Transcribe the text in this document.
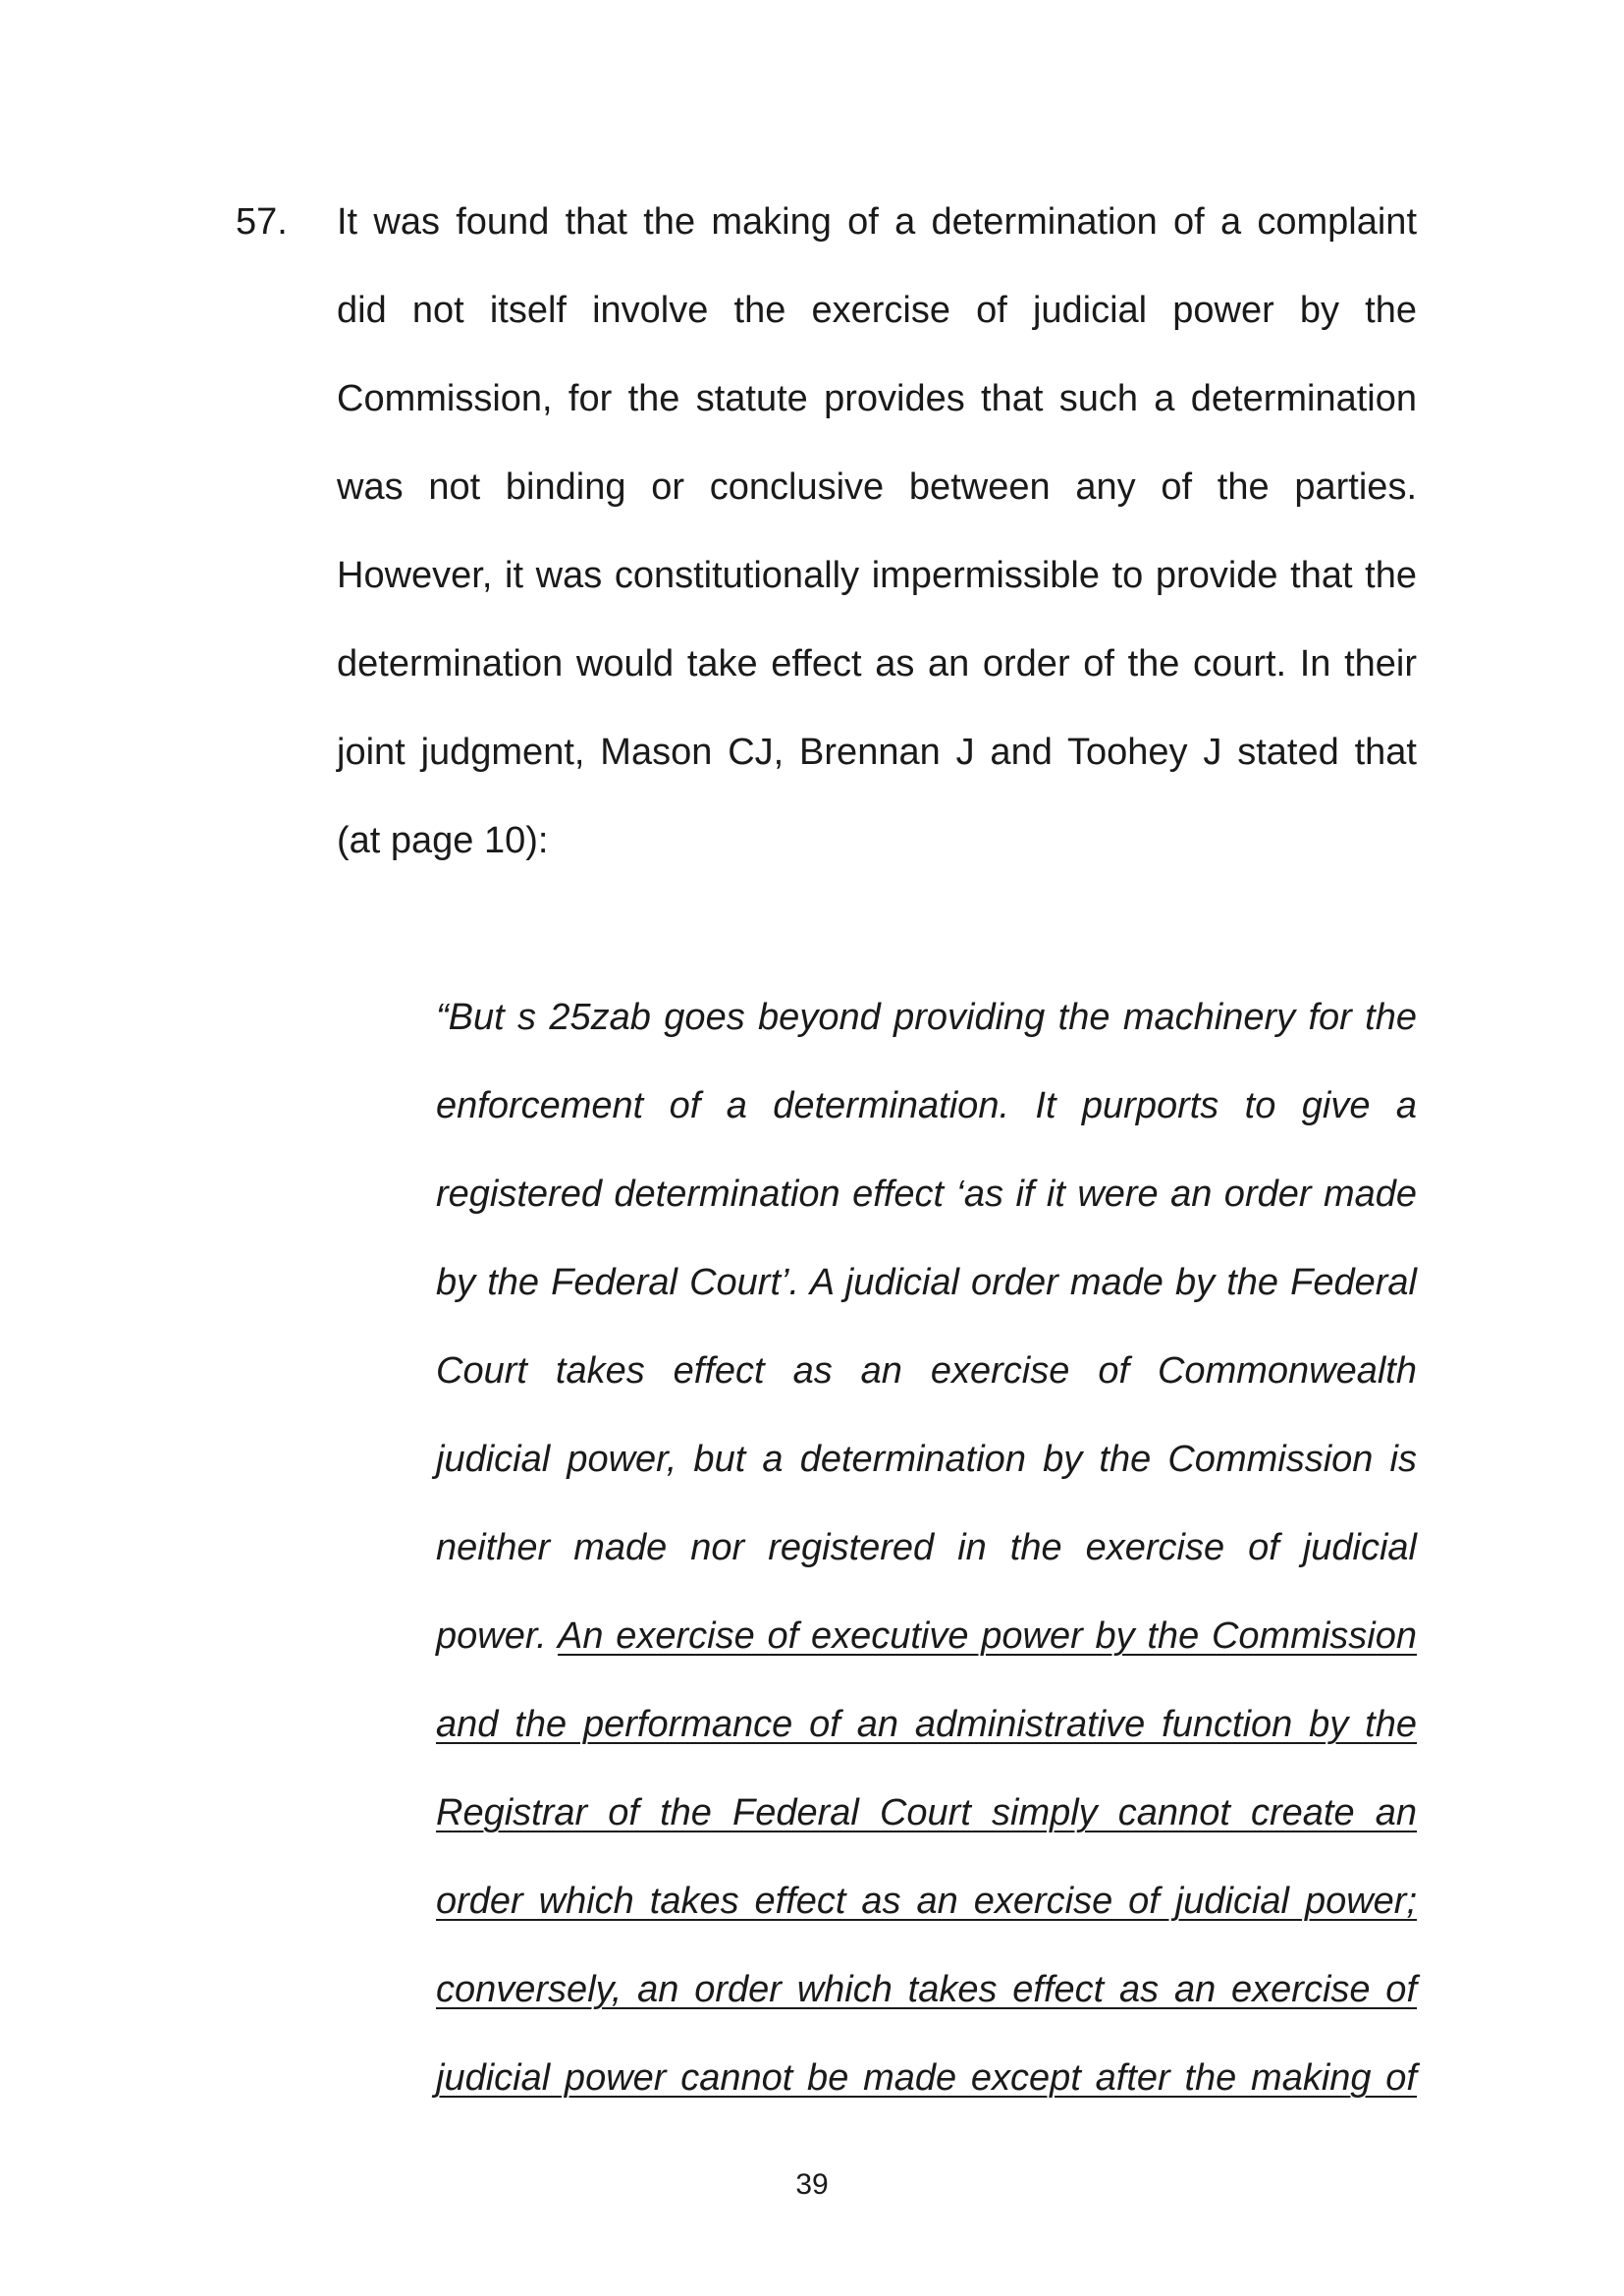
57. It was found that the making of a determination of a complaint
did not itself involve the exercise of judicial power by the
Commission, for the statute provides that such a determination
was not binding or conclusive between any of the parties.
However, it was constitutionally impermissible to provide that the
determination would take effect as an order of the court. In their
joint judgment, Mason CJ, Brennan J and Toohey J stated that
(at page 10):
“But s 25zab goes beyond providing the machinery for the
enforcement of a determination. It purports to give a
registered determination effect ‘as if it were an order made
by the Federal Court’. A judicial order made by the Federal
Court takes effect as an exercise of Commonwealth
judicial power, but a determination by the Commission is
neither made nor registered in the exercise of judicial
power. An exercise of executive power by the Commission
and the performance of an administrative function by the
Registrar of the Federal Court simply cannot create an
order which takes effect as an exercise of judicial power;
conversely, an order which takes effect as an exercise of
judicial power cannot be made except after the making of
39
